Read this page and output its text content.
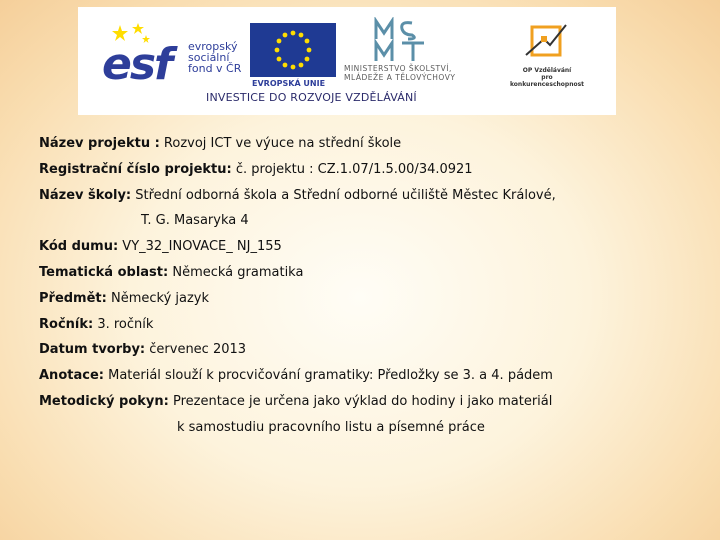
esf evropský
sociální
fond v ČR
EVROPSKÁ UNIE
MINISTERSTVO ŠKOLSTVÍ,
MLÁDEŽE A TĚLOVÝCHOVY
OP Vzdělávání
pro konkurenceschopnost
INVESTICE DO ROZVOJE VZDĚLÁVÁNÍ
Název projektu : Rozvoj ICT ve výuce na střední škole
Registrační číslo projektu: č. projektu : CZ.1.07/1.5.00/34.0921
Název školy: Střední odborná škola a Střední odborné učiliště Městec Králové,
T. G. Masaryka 4
Kód dumu: VY_32_INOVACE_ NJ_155
Tematická oblast: Německá gramatika
Předmět: Německý jazyk
Ročník: 3. ročník
Datum tvorby: červenec 2013
Anotace: Materiál slouží k procvičování gramatiky: Předložky se 3. a 4. pádem
Metodický pokyn: Prezentace je určena jako výklad do hodiny i jako materiál
k samostudiu pracovního listu a písemné práce
